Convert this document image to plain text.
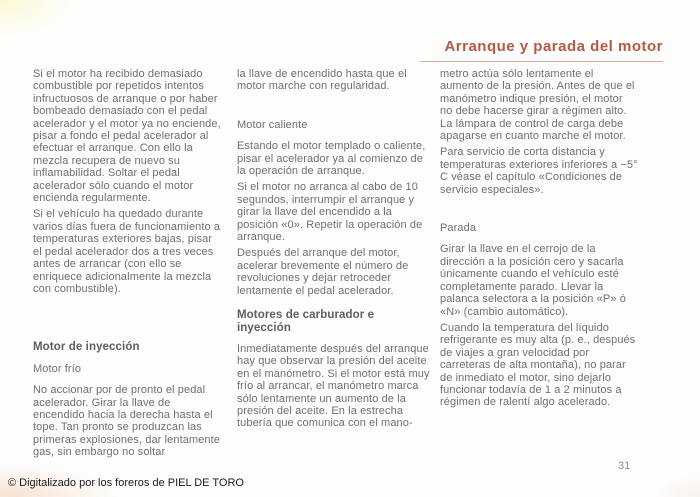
Arranque y parada del motor

Si el motor ha recibido demasiado combustible por repetidos intentos infructuosos de arranque o por haber bombeado demasiado con el pedal acelerador y el motor ya no enciende, pisar a fondo el pedal acelerador al efectuar el arranque. Con ello la mezcla recupera de nuevo su inflamabilidad. Soltar el pedal acelerador sólo cuando el motor encienda regularmente.

Si el vehículo ha quedado durante varios días fuera de funcionamiento a temperaturas exteriores bajas, pisar el pedal acelerador dos a tres veces antes de arrancar (con ello se enriquece adicionalmente la mezcla con combustible).

Motor de inyección

Motor frío

No accionar por de pronto el pedal acelerador. Girar la llave de encendido hacia la derecha hasta el tope. Tan pronto se produzcan las primeras explosiones, dar lentamente gas, sin embargo no soltar

la llave de encendido hasta que el motor marche con regularidad.

Motor caliente

Estando el motor templado o caliente, pisar el acelerador ya al comienzo de la operación de arranque.

Si el motor no arranca al cabo de 10 segundos, interrumpir el arranque y girar la llave del encendido a la posición «0». Repetir la operación de arranque.

Después del arranque del motor, acelerar brevemente el número de revoluciones y dejar retroceder lentamente el pedal acelerador.

Motores de carburador e inyección

Inmediatamente después del arranque hay que observar la presión del aceite en el manómetro. Si el motor está muy frío al arrancar, el manómetro marca sólo lentamente un aumento de la presión del aceite. En la estrecha tubería que comunica con el mano-

metro actúa sólo lentamente el aumento de la presión. Antes de que el manómetro indique presión, el motor no debe hacerse girar a régimen alto. La lámpara de control de carga debe apagarse en cuanto marche el motor.

Para servicio de corta distancia y temperaturas exteriores inferiores a −5° C véase el capítulo «Condiciones de servicio especiales».

Parada

Girar la llave en el cerrojo de la dirección a la posición cero y sacarla únicamente cuando el vehículo esté completamente parado. Llevar la palanca selectora a la posición «P» ó «N» (cambio automático).

Cuando la temperatura del líquido refrigerante es muy alta (p. e., después de viajes a gran velocidad por carreteras de alta montaña), no parar de inmediato el motor, sino dejarlo funcionar todavía de 1 a 2 minutos a régimen de ralentí algo acelerado.

© Digitalizado por los foreros de PIEL DE TORO
31
